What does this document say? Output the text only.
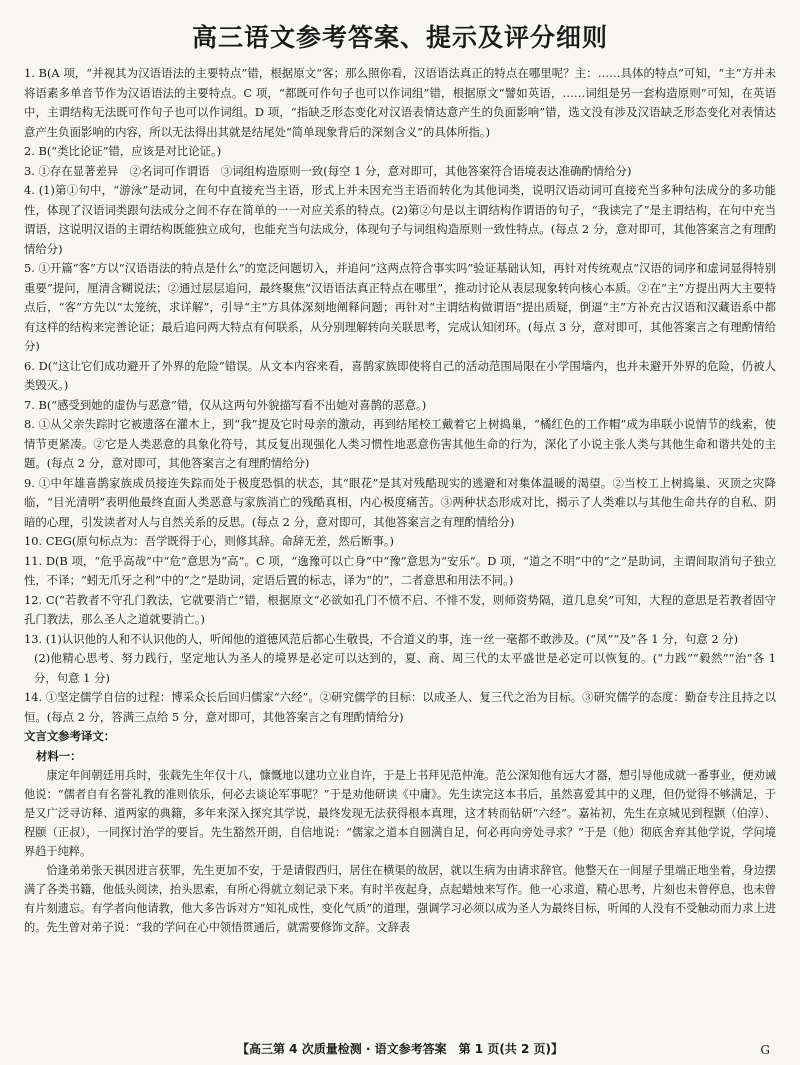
高三语文参考答案、提示及评分细则

1. B(A 项，“并视其为汉语语法的主要特点”错，根据原文“客；那么照你看，汉语语法真正的特点在哪里呢？主：……具体的特点”可知，“主”方并未将语素多单音节作为汉语语法的主要特点。C 项，“都既可作句子也可以作词组”错，根据原文“譬如英语，……词组是另一套构造原则”可知，在英语中，主谓结构无法既可作句子也可以作词组。D 项，“指缺乏形态变化对汉语表情达意产生的负面影响”错，选文没有涉及汉语缺乏形态变化对表情达意产生负面影响的内容，所以无法得出其就是结尾处“简单现象背后的深刻含义”的具体所指。)

2. B(“类比论证”错，应该是对比论证。)

3. ①存在显著差异　②名词可作谓语　③词组构造原则一致(每空 1 分，意对即可，其他答案符合语境表达准确酌情给分)

4. (1)第①句中，“游泳”是动词，在句中直接充当主语，形式上并未因充当主语而转化为其他词类，说明汉语动词可直接充当多种句法成分的多功能性，体现了汉语词类跟句法成分之间不存在简单的一一对应关系的特点。(2)第②句是以主谓结构作谓语的句子，“我读完了”是主谓结构，在句中充当谓语，这说明汉语的主谓结构既能独立成句，也能充当句法成分，体现句子与词组构造原则一致性特点。(每点 2 分，意对即可，其他答案言之有理酌情给分)

5. ①开篇“客”方以“汉语语法的特点是什么”的宽泛问题切入，并追问“这两点符合事实吗”验证基础认知，再针对传统观点“汉语的词序和虚词显得特别重要”提问，厘清含糊说法；②通过层层追问，最终聚焦“汉语语法真正特点在哪里”，推动讨论从表层现象转向核心本质。②在“主”方提出两大主要特点后，“客”方先以“太笼统，求详解”，引导“主”方具体深刻地阐释问题；再针对“主谓结构做谓语”提出质疑，倒逼“主”方补充古汉语和汉藏语系中都有这样的结构来完善论证；最后追问两大特点有何联系，从分别理解转向关联思考，完成认知闭环。(每点 3 分，意对即可，其他答案言之有理酌情给分)

6. D(“这让它们成功避开了外界的危险”错误。从文本内容来看，喜鹊家族即使将自己的活动范围局限在小学围墙内，也并未避开外界的危险，仍被人类毁灭。)

7. B(“感受到她的虚伪与恶意”错，仅从这两句外貌描写看不出她对喜鹊的恶意。)

8. ①从父亲失踪时它被遗落在灌木上，到“我”提及它时母亲的激动，再到结尾校工戴着它上树捣巢，“橘红色的工作帽”成为串联小说情节的线索，使情节更紧凑。②它是人类恶意的具象化符号，其反复出现强化人类习惯性地恶意伤害其他生命的行为，深化了小说主张人类与其他生命和谐共处的主题。(每点 2 分，意对即可，其他答案言之有理酌情给分)

9. ①中年雄喜鹊家族成员接连失踪而处于极度恐惧的状态，其“眼花”是其对残酷现实的逃避和对集体温暖的渴望。②当校工上树捣巢、灭顶之灾降临，“目光清明”表明他最终直面人类恶意与家族消亡的残酷真相，内心极度痛苦。③两种状态形成对比，揭示了人类难以与其他生命共存的自私、阴暗的心理，引发读者对人与自然关系的反思。(每点 2 分，意对即可，其他答案言之有理酌情给分)

10. CEG(原句标点为：吾学既得于心，则修其辞。命辞无差，然后断事。)

11. D(B 项，“危乎高哉”中“危”意思为“高”。C 项，“逸豫可以亡身”中“豫”意思为“安乐”。D 项，“道之不明”中的“之”是助词，主谓间取消句子独立性，不译；“蚓无爪牙之利”中的“之”是助词，定语后置的标志，译为“的”，二者意思和用法不同。)

12. C(“若教者不守孔门教法，它就要消亡”错，根据原文“必欲如孔门不愤不启、不悱不发，则师资势隔，道几息矣”可知，大程的意思是若教者固守孔门教法，那么圣人之道就要消亡。)

13. (1)认识他的人和不认识他的人，听闻他的道德风范后都心生敬畏，不合道义的事，连一丝一毫都不敢涉及。(“凤”“及”各 1 分，句意 2 分)

(2)他精心思考、努力践行，坚定地认为圣人的境界是必定可以达到的，夏、商、周三代的太平盛世是必定可以恢复的。(“力践”“毅然”“治”各 1 分，句意 1 分)

14. ①坚定儒学自信的过程：博采众长后回归儒家“六经”。②研究儒学的目标：以成圣人、复三代之治为目标。③研究儒学的态度：勤奋专注且持之以恒。(每点 2 分，答满三点给 5 分，意对即可，其他答案言之有理酌情给分)

文言文参考译文：

材料一：

康定年间朝廷用兵时，张载先生年仅十八，慷慨地以建功立业自许，于是上书拜见范仲淹。范公深知他有远大才器，想引导他成就一番事业，便劝诫他说：“儒者自有名誉礼教的准则依乐，何必去谈论军事呢？”于是劝他研读《中庸》。先生读完这本书后，虽然喜爱其中的义理，但仍觉得不够满足，于是又广泛寻访释、道两家的典籍，多年来深入探究其学说，最终发现无法获得根本真理，这才转而钻研“六经”。嘉祐初，先生在京城见到程颢（伯淳）、程颐（正叔），一同探讨治学的要旨。先生豁然开朗，自信地说：“儒家之道本自圆满自足，何必再向旁处寻求？”于是（他）彻底舍弃其他学说，学问境界趋于纯粹。

恰逢弟弟张天祺因进言获罪，先生更加不安，于是请假西归，居住在横渠的故居，就以生病为由请求辞官。他整天在一间屋子里端正地坐着，身边摆满了各类书籍，他低头阅读，抬头思索，有所心得就立刻记录下来。有时半夜起身，点起蜡烛来写作。他一心求道，精心思考，片刻也未曾停息，也未曾有片刻遗忘。有学者向他请教，他大多告诉对方“知礼成性，变化气质”的道理，强调学习必须以成为圣人为最终目标，听闻的人没有不受触动而力求上进的。先生曾对弟子说：“我的学问在心中领悟贯通后，就需要修饰文辞。文辞表

【高三第 4 次质量检测 · 语文参考答案　第 1 页(共 2 页)】	G
